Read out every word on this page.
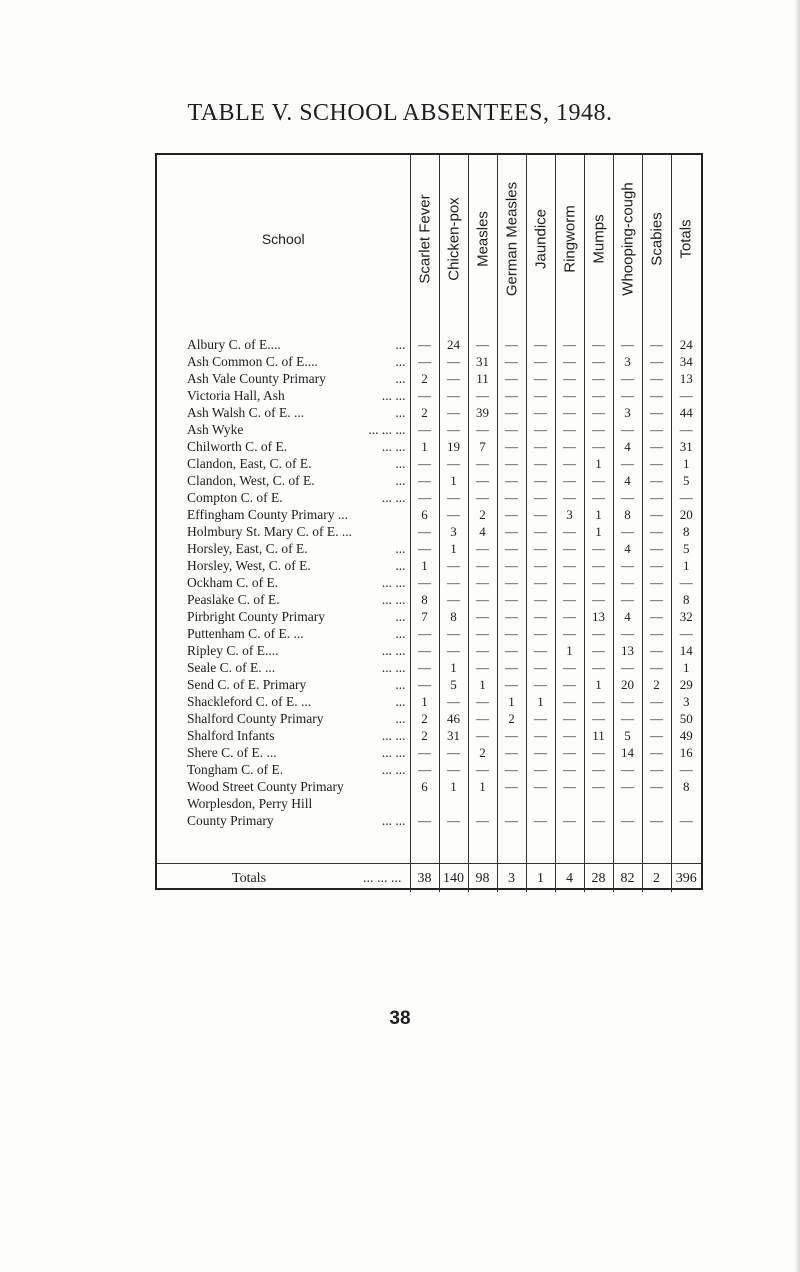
TABLE V. SCHOOL ABSENTEES, 1948.
School	Scarlet Fever	Chicken-pox	Measles	German Measles	Jaundice	Ringworm	Mumps	Whooping-cough	Scabies	Totals

Albury C. of E.... ...	—	24	—	—	—	—	—	—	—	24
Ash Common C. of E.... ...	—	—	31	—	—	—	—	3	—	34
Ash Vale County Primary ...	2	—	11	—	—	—	—	—	—	13
Victoria Hall, Ash ... ...	—	—	—	—	—	—	—	—	—	—
Ash Walsh C. of E. ... ...	2	—	39	—	—	—	—	3	—	44
Ash Wyke ... ... ...	—	—	—	—	—	—	—	—	—	—
Chilworth C. of E. ... ...	1	19	7	—	—	—	—	4	—	31
Clandon, East, C. of E. ...	—	—	—	—	—	—	1	—	—	1
Clandon, West, C. of E. ...	—	1	—	—	—	—	—	4	—	5
Compton C. of E. ... ...	—	—	—	—	—	—	—	—	—	—
Effingham County Primary ...	6	—	2	—	—	3	1	8	—	20
Holmbury St. Mary C. of E. ...	—	3	4	—	—	—	1	—	—	8
Horsley, East, C. of E. ...	—	1	—	—	—	—	—	4	—	5
Horsley, West, C. of E. ...	1	—	—	—	—	—	—	—	—	1
Ockham C. of E. ... ...	—	—	—	—	—	—	—	—	—	—
Peaslake C. of E. ... ...	8	—	—	—	—	—	—	—	—	8
Pirbright County Primary ...	7	8	—	—	—	—	13	4	—	32
Puttenham C. of E. ... ...	—	—	—	—	—	—	—	—	—	—
Ripley C. of E.... ... ...	—	—	—	—	—	1	—	13	—	14
Seale C. of E. ... ... ...	—	1	—	—	—	—	—	—	—	1
Send C. of E. Primary ...	—	5	1	—	—	—	1	20	2	29
Shackleford C. of E. ... ...	1	—	—	1	1	—	—	—	—	3
Shalford County Primary ...	2	46	—	2	—	—	—	—	—	50
Shalford Infants ... ...	2	31	—	—	—	—	11	5	—	49
Shere C. of E. ... ... ...	—	—	2	—	—	—	—	14	—	16
Tongham C. of E. ... ...	—	—	—	—	—	—	—	—	—	—
Wood Street County Primary	6	1	1	—	—	—	—	—	—	8
Worplesdon, Perry Hill										
County Primary ... ...	—	—	—	—	—	—	—	—	—	—

Totals ... ... ...	38	140	98	3	1	4	28	82	2	396
38
